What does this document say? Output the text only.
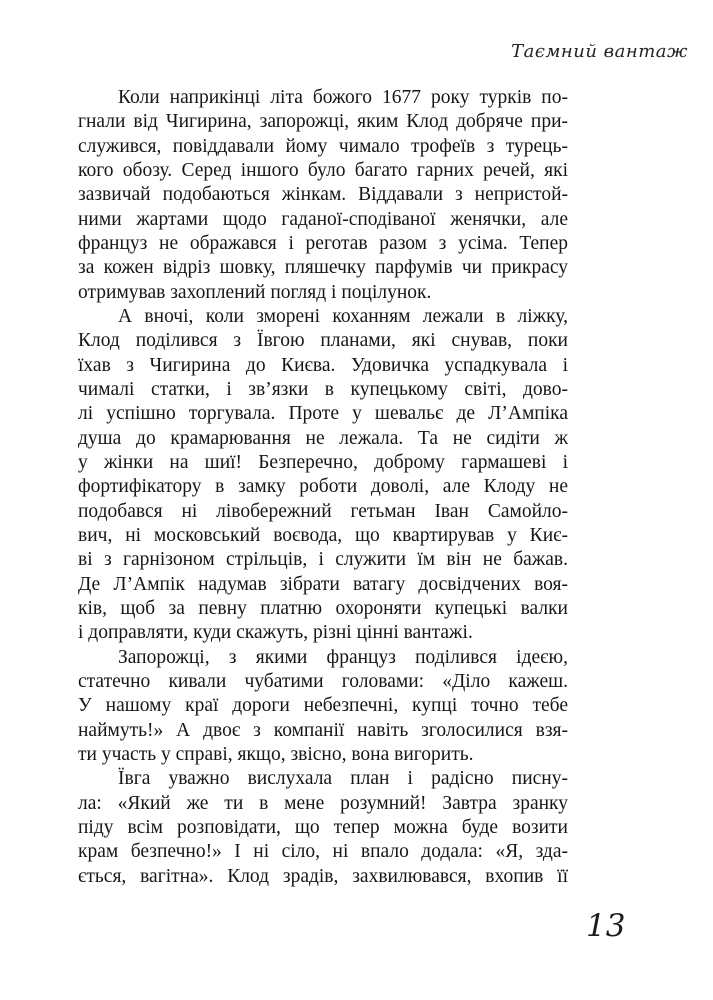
Таємний вантаж
Коли наприкінці літа божого 1677 року турків по-
гнали від Чигирина, запорожці, яким Клод добряче при-
служився, повіддавали йому чимало трофеїв з турець-
кого обозу. Серед іншого було багато гарних речей, які
зазвичай подобаються жінкам. Віддавали з непристой-
ними жартами щодо гаданої-сподіваної женячки, але
француз не ображався і реготав разом з усіма. Тепер
за кожен відріз шовку, пляшечку парфумів чи прикрасу
отримував захоплений погляд і поцілунок.
А вночі, коли зморені коханням лежали в ліжку,
Клод поділився з Ївгою планами, які снував, поки
їхав з Чигирина до Києва. Удовичка успадкувала і
чималі статки, і зв’язки в купецькому світі, дово-
лі успішно торгувала. Проте у шевальє де Л’Ампіка
душа до крамарювання не лежала. Та не сидіти ж
у жінки на шиї! Безперечно, доброму гармашеві і
фортифікатору в замку роботи доволі, але Клоду не
подобався ні лівобережний гетьман Іван Самойло-
вич, ні московський воєвода, що квартирував у Киє-
ві з гарнізоном стрільців, і служити їм він не бажав.
Де Л’Ампік надумав зібрати ватагу досвідчених воя-
ків, щоб за певну платню охороняти купецькі валки
і доправляти, куди скажуть, різні цінні вантажі.
Запорожці, з якими француз поділився ідеєю,
статечно кивали чубатими головами: «Діло кажеш.
У нашому краї дороги небезпечні, купці точно тебе
наймуть!» А двоє з компанії навіть зголосилися взя-
ти участь у справі, якщо, звісно, вона вигорить.
Ївга уважно вислухала план і радісно писну-
ла: «Який же ти в мене розумний! Завтра зранку
піду всім розповідати, що тепер можна буде возити
крам безпечно!» І ні сіло, ні впало додала: «Я, зда-
ється, вагітна». Клод зрадів, захвилювався, вхопив її
13
